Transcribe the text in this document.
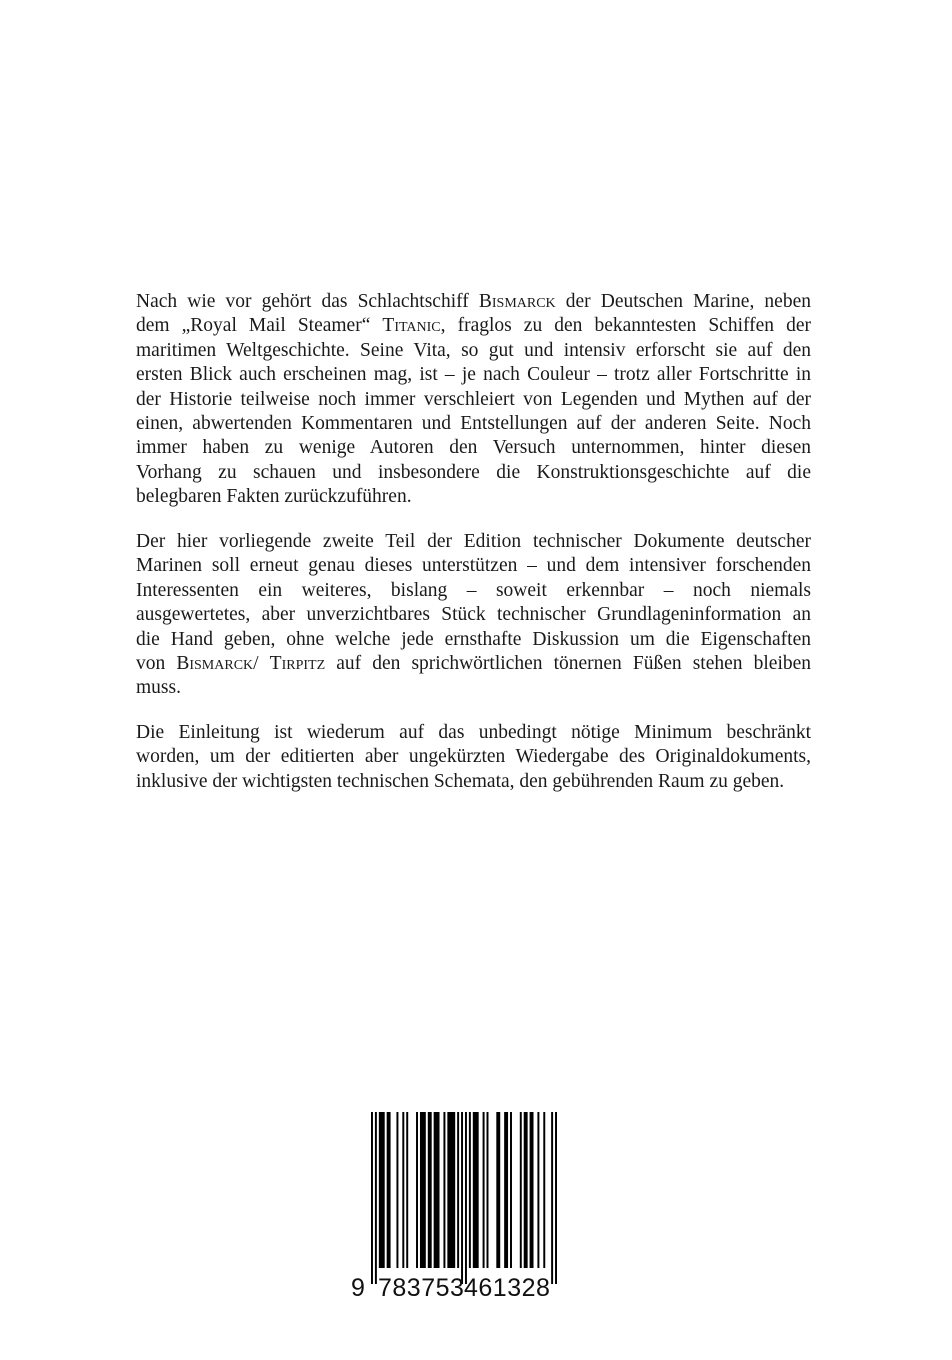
Nach wie vor gehört das Schlachtschiff Bismarck der Deutschen Marine, neben
dem „Royal Mail Steamer“ Titanic, fraglos zu den bekanntesten Schiffen der
maritimen Weltgeschichte. Seine Vita, so gut und intensiv erforscht sie auf den
ersten Blick auch erscheinen mag, ist – je nach Couleur – trotz aller Fortschritte in
der Historie teilweise noch immer verschleiert von Legenden und Mythen auf der
einen, abwertenden Kommentaren und Entstellungen auf der anderen Seite. Noch
immer haben zu wenige Autoren den Versuch unternommen, hinter diesen
Vorhang zu schauen und insbesondere die Konstruktionsgeschichte auf die
belegbaren Fakten zurückzuführen.
Der hier vorliegende zweite Teil der Edition technischer Dokumente deutscher
Marinen soll erneut genau dieses unterstützen – und dem intensiver forschenden
Interessenten ein weiteres, bislang – soweit erkennbar – noch niemals
ausgewertetes, aber unverzichtbares Stück technischer Grundlageninformation an
die Hand geben, ohne welche jede ernsthafte Diskussion um die Eigenschaften
von Bismarck/ Tirpitz auf den sprichwörtlichen tönernen Füßen stehen bleiben
muss.
Die Einleitung ist wiederum auf das unbedingt nötige Minimum beschränkt
worden, um der editierten aber ungekürzten Wiedergabe des Originaldokuments,
inklusive der wichtigsten technischen Schemata, den gebührenden Raum zu geben.
9 783753 461328
